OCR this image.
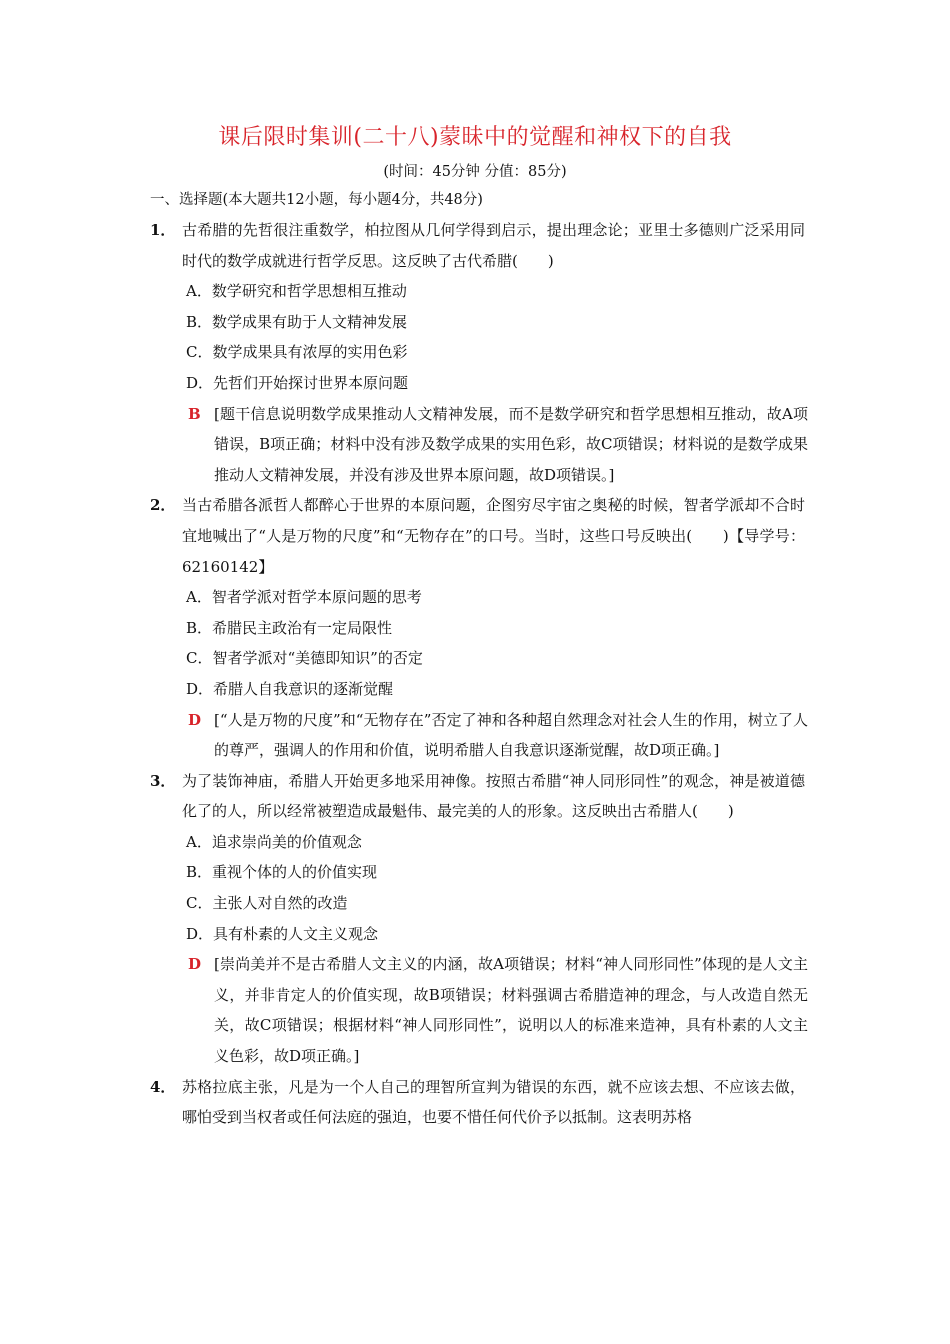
课后限时集训(二十八)蒙昧中的觉醒和神权下的自我
(时间：45分钟 分值：85分)
一、选择题(本大题共12小题，每小题4分，共48分)
1． 古希腊的先哲很注重数学，柏拉图从几何学得到启示，提出理念论；亚里士多德则广泛采用同时代的数学成就进行哲学反思。这反映了古代希腊(　　)
A．数学研究和哲学思想相互推动
B．数学成果有助于人文精神发展
C．数学成果具有浓厚的实用色彩
D．先哲们开始探讨世界本原问题
B [题干信息说明数学成果推动人文精神发展，而不是数学研究和哲学思想相互推动，故A项错误，B项正确；材料中没有涉及数学成果的实用色彩，故C项错误；材料说的是数学成果推动人文精神发展，并没有涉及世界本原问题，故D项错误。]
2． 当古希腊各派哲人都醉心于世界的本原问题，企图穷尽宇宙之奥秘的时候，智者学派却不合时宜地喊出了“人是万物的尺度”和“无物存在”的口号。当时，这些口号反映出(　　)【导学号：62160142】
A．智者学派对哲学本原问题的思考
B．希腊民主政治有一定局限性
C．智者学派对“美德即知识”的否定
D．希腊人自我意识的逐渐觉醒
D [“人是万物的尺度”和“无物存在”否定了神和各种超自然理念对社会人生的作用，树立了人的尊严，强调人的作用和价值，说明希腊人自我意识逐渐觉醒，故D项正确。]
3． 为了装饰神庙，希腊人开始更多地采用神像。按照古希腊“神人同形同性”的观念，神是被道德化了的人，所以经常被塑造成最魁伟、最完美的人的形象。这反映出古希腊人(　　)
A．追求崇尚美的价值观念
B．重视个体的人的价值实现
C．主张人对自然的改造
D．具有朴素的人文主义观念
D [崇尚美并不是古希腊人文主义的内涵，故A项错误；材料“神人同形同性”体现的是人文主义，并非肯定人的价值实现，故B项错误；材料强调古希腊造神的理念，与人改造自然无关，故C项错误；根据材料“神人同形同性”，说明以人的标准来造神，具有朴素的人文主义色彩，故D项正确。]
4． 苏格拉底主张，凡是为一个人自己的理智所宣判为错误的东西，就不应该去想、不应该去做，哪怕受到当权者或任何法庭的强迫，也要不惜任何代价予以抵制。这表明苏格
